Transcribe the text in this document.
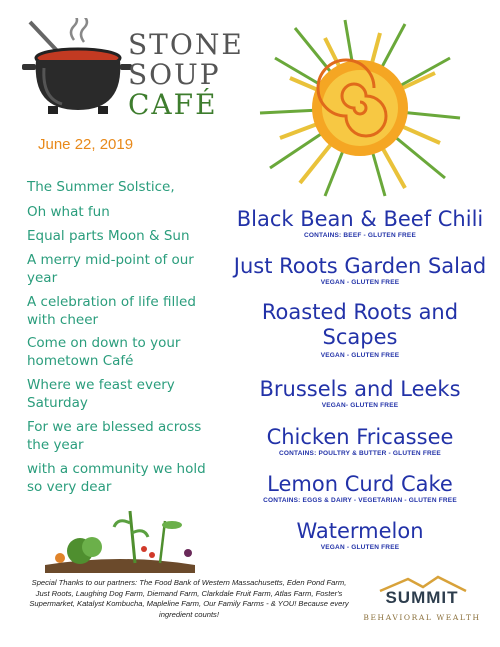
STONE
SOUP
CAFÉ
June 22, 2019
The Summer Solstice,
Oh what fun
Equal parts Moon & Sun
A merry mid-point of our year
A celebration of life filled with cheer
Come on down to your hometown Café
Where we feast every Saturday
For we are blessed across the year
with a community we hold so very dear
Black Bean & Beef Chili
CONTAINS: BEEF - GLUTEN FREE
Just Roots Garden Salad
VEGAN - GLUTEN FREE
Roasted Roots and Scapes
VEGAN - GLUTEN FREE
Brussels and Leeks
VEGAN- GLUTEN FREE
Chicken Fricassee
CONTAINS: POULTRY & BUTTER - GLUTEN FREE
Lemon Curd Cake
CONTAINS: EGGS & DAIRY - VEGETARIAN - GLUTEN FREE
Watermelon
VEGAN - GLUTEN FREE
Special Thanks to our partners: The Food Bank of Western Massachusetts, Eden Pond Farm, Just Roots, Laughing Dog Farm, Diemand Farm, Clarkdale Fruit Farm, Atlas Farm, Foster's Supermarket, Katalyst Kombucha, Mapleline Farm, Our Family Farms - & YOU! Because every ingredient counts!
SUMMIT
BEHAVIORAL WEALTH
